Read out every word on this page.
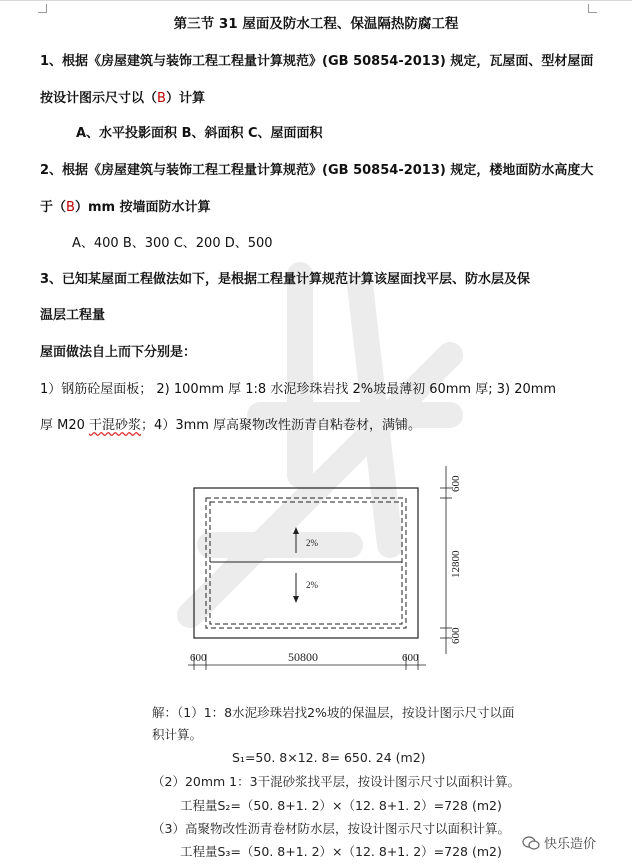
第三节 31 屋面及防水工程、保温隔热防腐工程
1、根据《房屋建筑与装饰工程工程量计算规范》(GB 50854-2013) 规定，瓦屋面、型材屋面
按设计图示尺寸以（B）计算
A、水平投影面积 B、斜面积 C、屋面面积
2、根据《房屋建筑与装饰工程工程量计算规范》(GB 50854-2013) 规定，楼地面防水高度大
于（B）mm 按墙面防水计算
A、400 B、300 C、200 D、500
3、已知某屋面工程做法如下，是根据工程量计算规范计算该屋面找平层、防水层及保
温层工程量
屋面做法自上而下分别是：
1）钢筋砼屋面板； 2) 100mm 厚 1:8 水泥珍珠岩找 2%坡最薄初 60mm 厚; 3) 20mm
厚 M20 干混砂浆；4）3mm 厚高聚物改性沥青自粘卷材，满铺。
2%
2%
600
12800
600
600	50800	600
解：（1）1：8水泥珍珠岩找2%坡的保温层，按设计图示尺寸以面
积计算。
S₁=50. 8×12. 8= 650. 24 (m2)
（2）20mm 1：3干混砂浆找平层，按设计图示尺寸以面积计算。
工程量S₂=（50. 8+1. 2）×（12. 8+1. 2）=728 (m2)
（3）高聚物改性沥青卷材防水层，按设计图示尺寸以面积计算。
工程量S₃=（50. 8+1. 2）×（12. 8+1. 2）=728 (m2)	快乐造价
